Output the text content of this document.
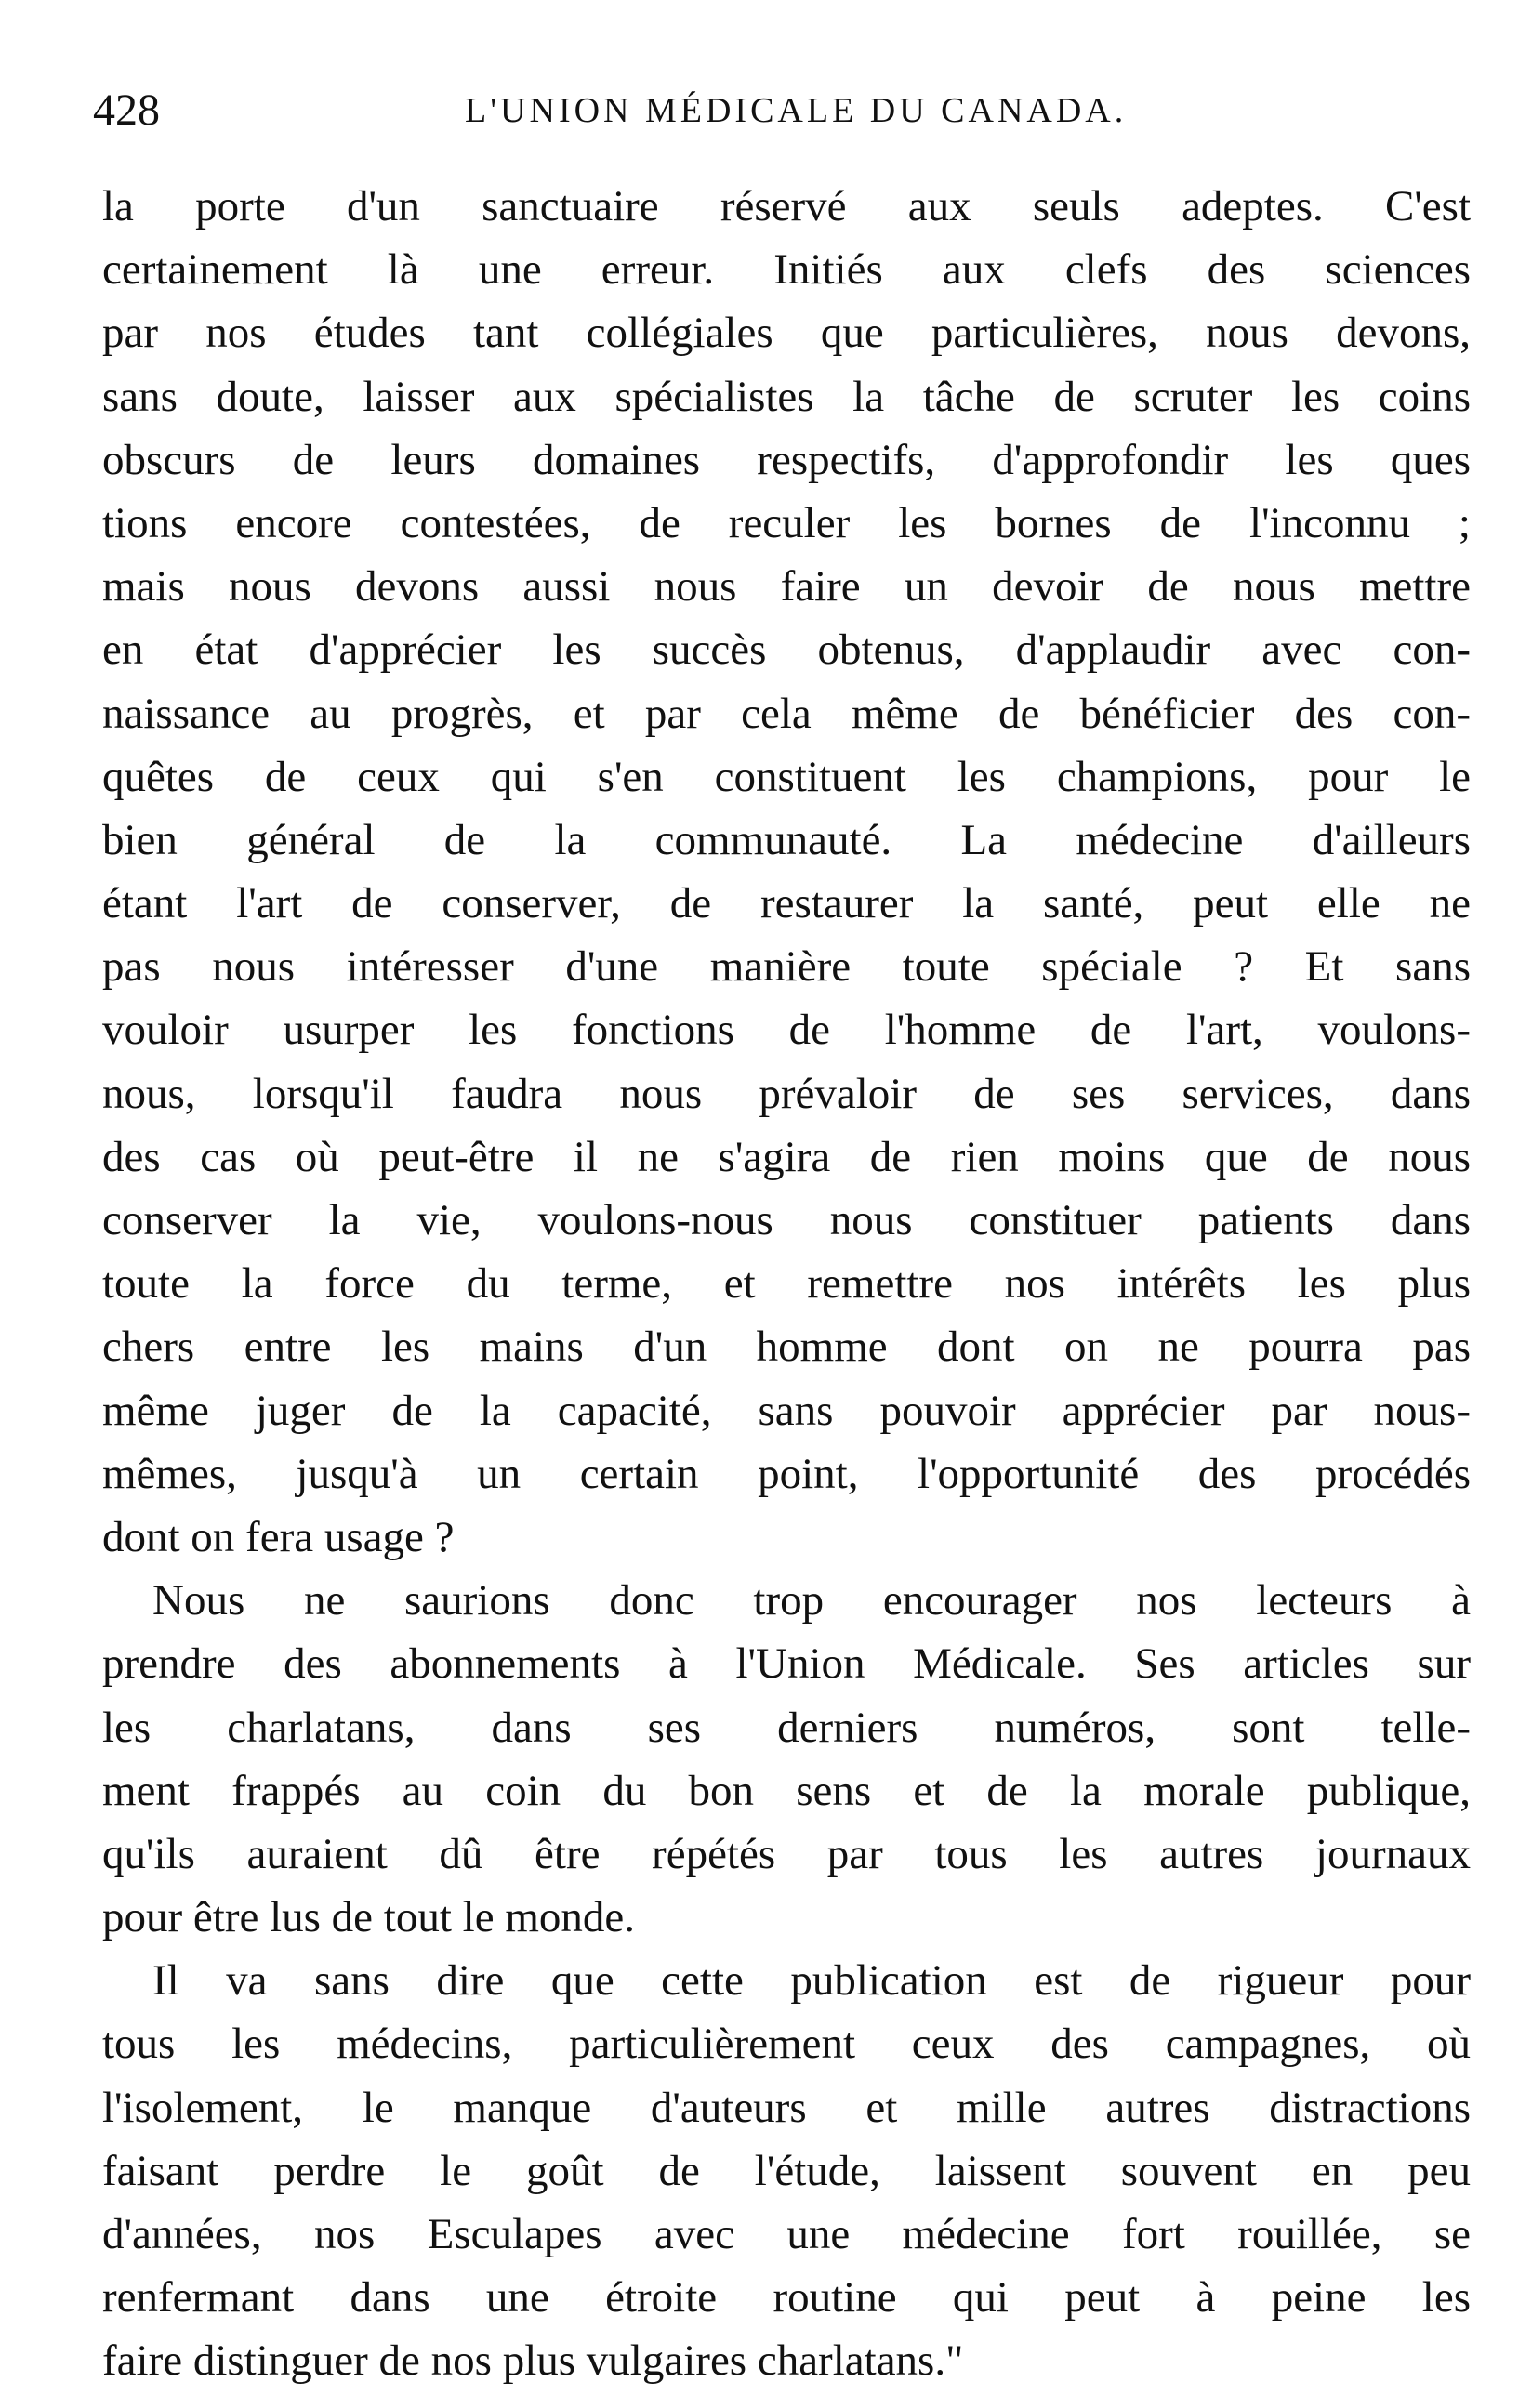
428	L'UNION MÉDICALE DU CANADA.
la porte d'un sanctuaire réservé aux seuls adeptes. C'est
certainement là une erreur. Initiés aux clefs des sciences
par nos études tant collégiales que particulières, nous devons,
sans doute, laisser aux spécialistes la tâche de scruter les coins
obscurs de leurs domaines respectifs, d'approfondir les ques
tions encore contestées, de reculer les bornes de l'inconnu ;
mais nous devons aussi nous faire un devoir de nous mettre
en état d'apprécier les succès obtenus, d'applaudir avec con-
naissance au progrès, et par cela même de bénéficier des con-
quêtes de ceux qui s'en constituent les champions, pour le
bien général de la communauté. La médecine d'ailleurs
étant l'art de conserver, de restaurer la santé, peut elle ne
pas nous intéresser d'une manière toute spéciale ? Et sans
vouloir usurper les fonctions de l'homme de l'art, voulons-
nous, lorsqu'il faudra nous prévaloir de ses services, dans
des cas où peut-être il ne s'agira de rien moins que de nous
conserver la vie, voulons-nous nous constituer patients dans
toute la force du terme, et remettre nos intérêts les plus
chers entre les mains d'un homme dont on ne pourra pas
même juger de la capacité, sans pouvoir apprécier par nous-
mêmes, jusqu'à un certain point, l'opportunité des procédés
dont on fera usage ?
Nous ne saurions donc trop encourager nos lecteurs à
prendre des abonnements à l'Union Médicale. Ses articles sur
les charlatans, dans ses derniers numéros, sont telle-
ment frappés au coin du bon sens et de la morale publique,
qu'ils auraient dû être répétés par tous les autres journaux
pour être lus de tout le monde.
Il va sans dire que cette publication est de rigueur pour
tous les médecins, particulièrement ceux des campagnes, où
l'isolement, le manque d'auteurs et mille autres distractions
faisant perdre le goût de l'étude, laissent souvent en peu
d'années, nos Esculapes avec une médecine fort rouillée, se
renfermant dans une étroite routine qui peut à peine les
faire distinguer de nos plus vulgaires charlatans."
